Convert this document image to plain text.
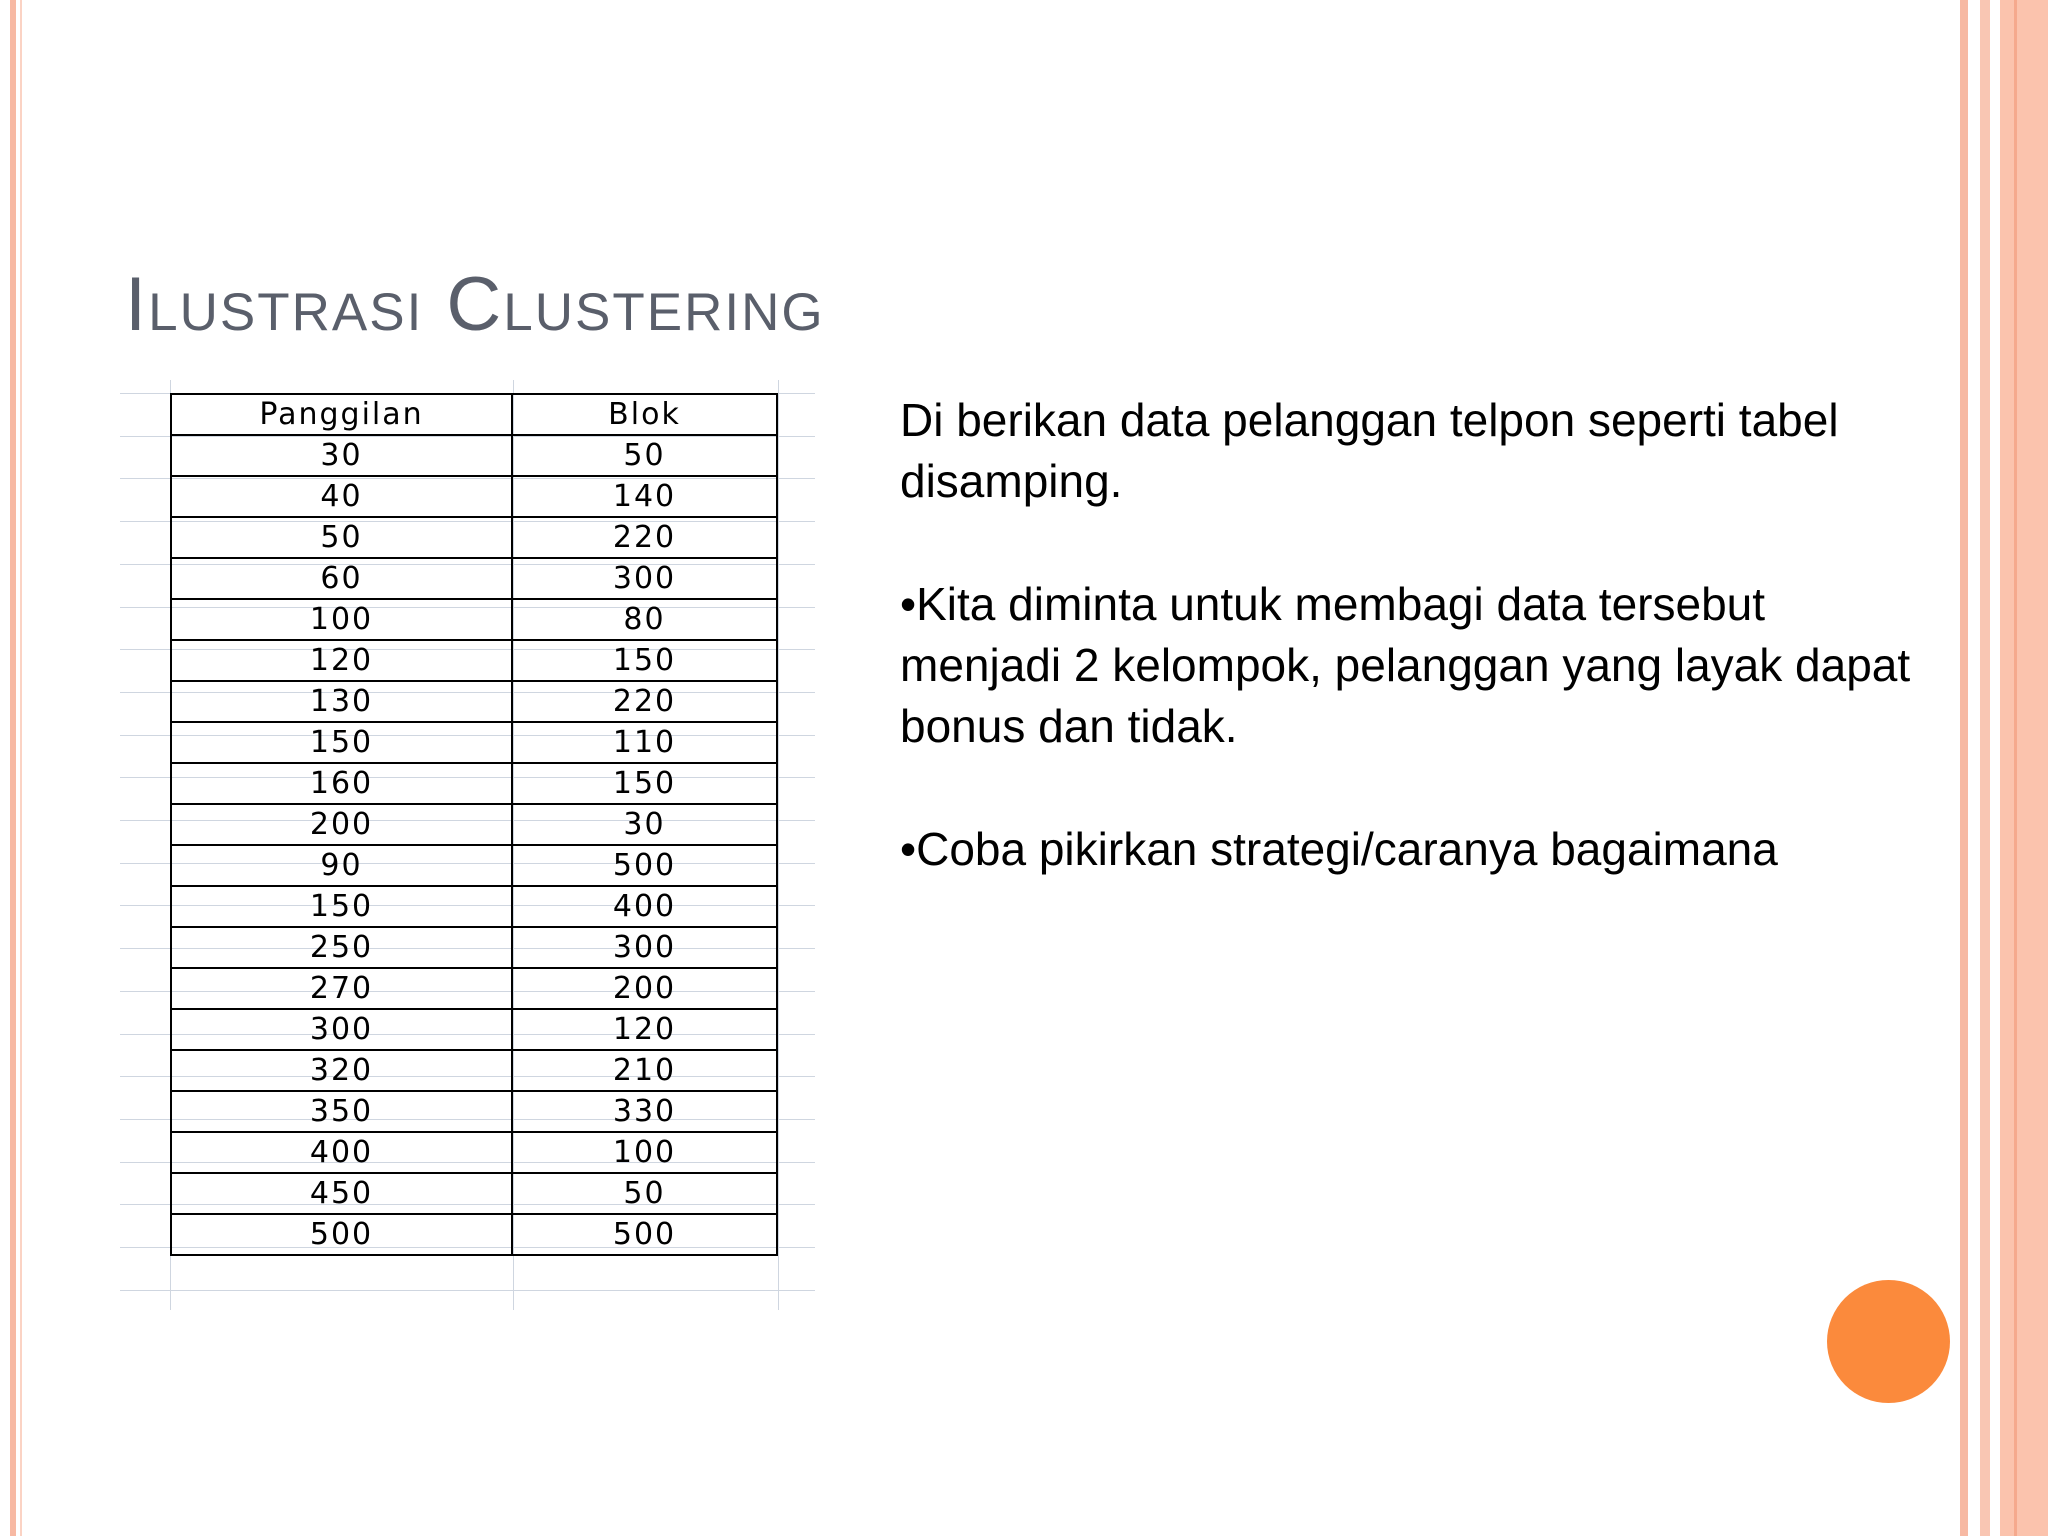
Ilustrasi Clustering
Panggilan	Blok
30	50
40	140
50	220
60	300
100	80
120	150
130	220
150	110
160	150
200	30
90	500
150	400
250	300
270	200
300	120
320	210
350	330
400	100
450	50
500	500

Di berikan data pelanggan telpon seperti tabel disamping.

•Kita diminta untuk membagi data tersebut menjadi 2 kelompok, pelanggan yang layak dapat bonus dan tidak.

•Coba pikirkan strategi/caranya bagaimana
